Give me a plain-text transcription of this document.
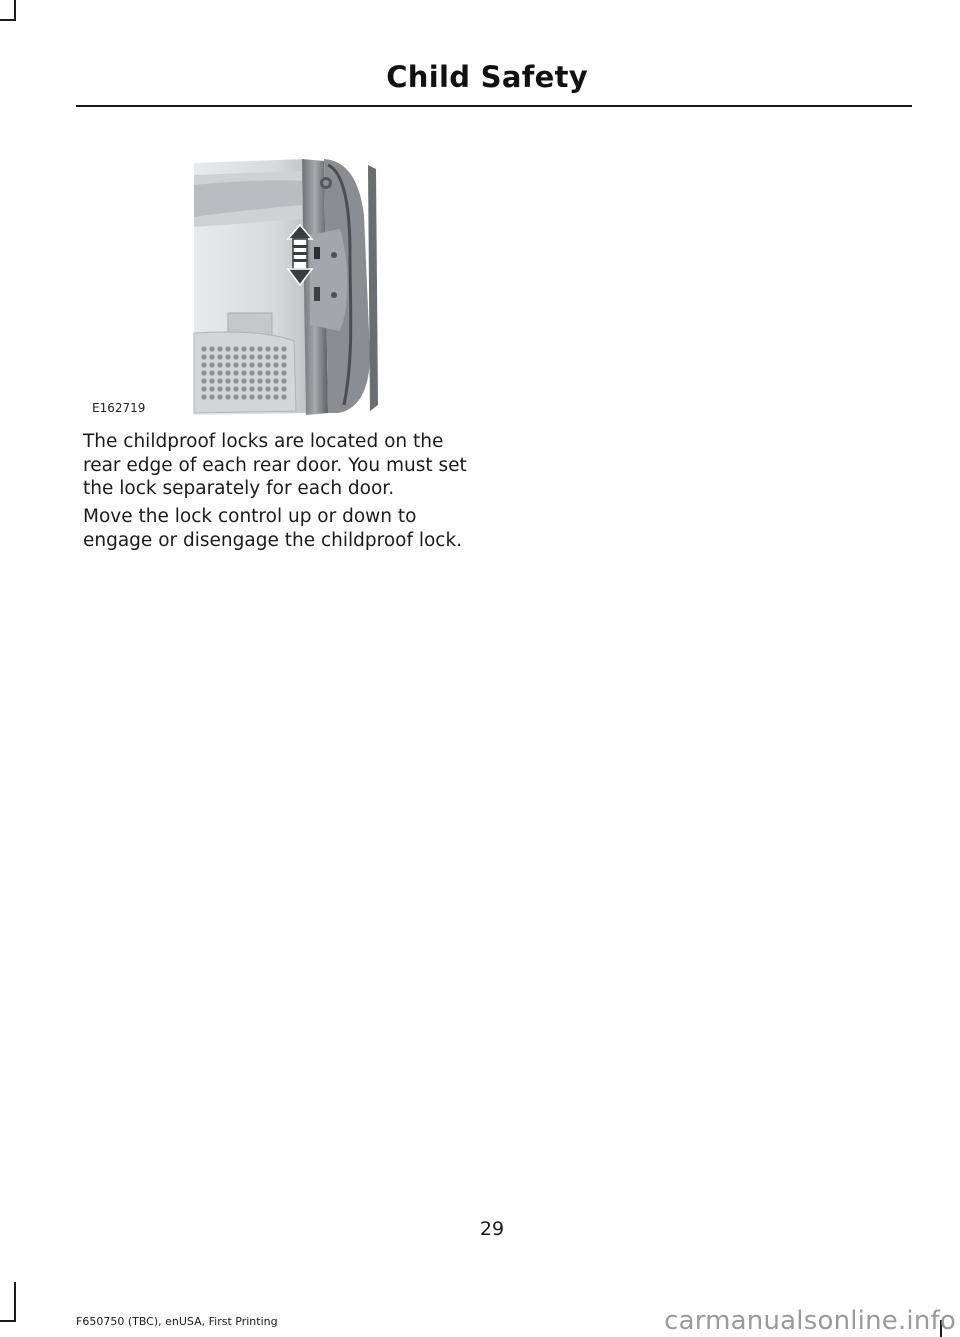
Child Safety
E162719

The childproof locks are located on the rear edge of each rear door. You must set the lock separately for each door.

Move the lock control up or down to engage or disengage the childproof lock.

29
F650750 (TBC), enUSA, First Printing	carmanualsonline.info
